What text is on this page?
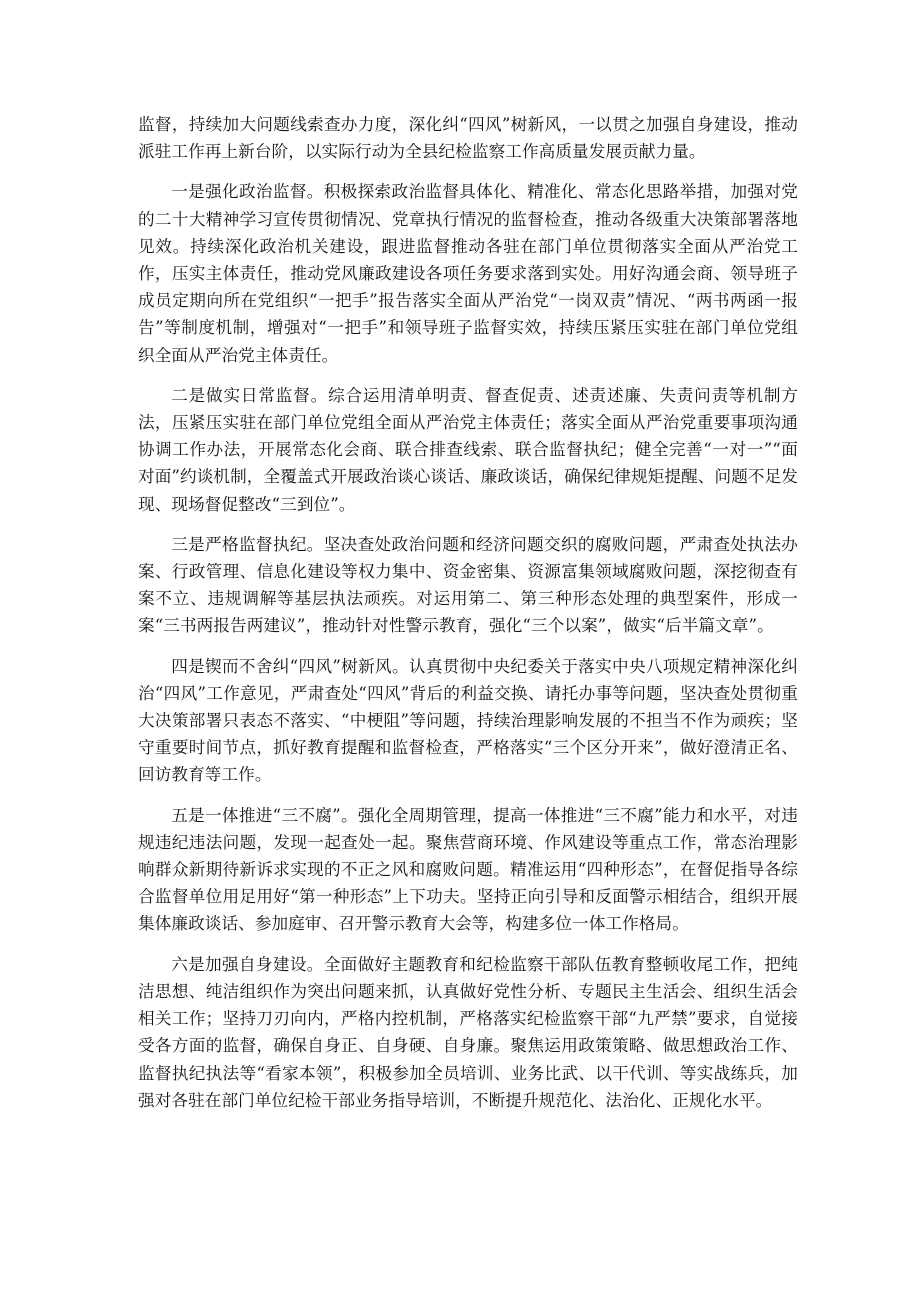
监督，持续加大问题线索查办力度，深化纠“四风”树新风，一以贯之加强自身建设，推动派驻工作再上新台阶，以实际行动为全县纪检监察工作高质量发展贡献力量。

一是强化政治监督。积极探索政治监督具体化、精准化、常态化思路举措，加强对党的二十大精神学习宣传贯彻情况、党章执行情况的监督检查，推动各级重大决策部署落地见效。持续深化政治机关建设，跟进监督推动各驻在部门单位贯彻落实全面从严治党工作，压实主体责任，推动党风廉政建设各项任务要求落到实处。用好沟通会商、领导班子成员定期向所在党组织“一把手”报告落实全面从严治党“一岗双责”情况、“两书两函一报告”等制度机制，增强对“一把手”和领导班子监督实效，持续压紧压实驻在部门单位党组织全面从严治党主体责任。

二是做实日常监督。综合运用清单明责、督查促责、述责述廉、失责问责等机制方法，压紧压实驻在部门单位党组全面从严治党主体责任；落实全面从严治党重要事项沟通协调工作办法，开展常态化会商、联合排查线索、联合监督执纪；健全完善“一对一”“面对面”约谈机制，全覆盖式开展政治谈心谈话、廉政谈话，确保纪律规矩提醒、问题不足发现、现场督促整改“三到位”。

三是严格监督执纪。坚决查处政治问题和经济问题交织的腐败问题，严肃查处执法办案、行政管理、信息化建设等权力集中、资金密集、资源富集领域腐败问题，深挖彻查有案不立、违规调解等基层执法顽疾。对运用第二、第三种形态处理的典型案件，形成一案“三书两报告两建议”，推动针对性警示教育，强化“三个以案”，做实“后半篇文章”。

四是锲而不舍纠“四风”树新风。认真贯彻中央纪委关于落实中央八项规定精神深化纠治“四风”工作意见，严肃查处“四风”背后的利益交换、请托办事等问题，坚决查处贯彻重大决策部署只表态不落实、“中梗阻”等问题，持续治理影响发展的不担当不作为顽疾；坚守重要时间节点，抓好教育提醒和监督检查，严格落实“三个区分开来”，做好澄清正名、回访教育等工作。

五是一体推进“三不腐”。强化全周期管理，提高一体推进“三不腐”能力和水平，对违规违纪违法问题，发现一起查处一起。聚焦营商环境、作风建设等重点工作，常态治理影响群众新期待新诉求实现的不正之风和腐败问题。精准运用“四种形态”，在督促指导各综合监督单位用足用好“第一种形态”上下功夫。坚持正向引导和反面警示相结合，组织开展集体廉政谈话、参加庭审、召开警示教育大会等，构建多位一体工作格局。

六是加强自身建设。全面做好主题教育和纪检监察干部队伍教育整顿收尾工作，把纯洁思想、纯洁组织作为突出问题来抓，认真做好党性分析、专题民主生活会、组织生活会相关工作；坚持刀刃向内，严格内控机制，严格落实纪检监察干部“九严禁”要求，自觉接受各方面的监督，确保自身正、自身硬、自身廉。聚焦运用政策策略、做思想政治工作、监督执纪执法等“看家本领”，积极参加全员培训、业务比武、以干代训、等实战练兵，加强对各驻在部门单位纪检干部业务指导培训，不断提升规范化、法治化、正规化水平。
